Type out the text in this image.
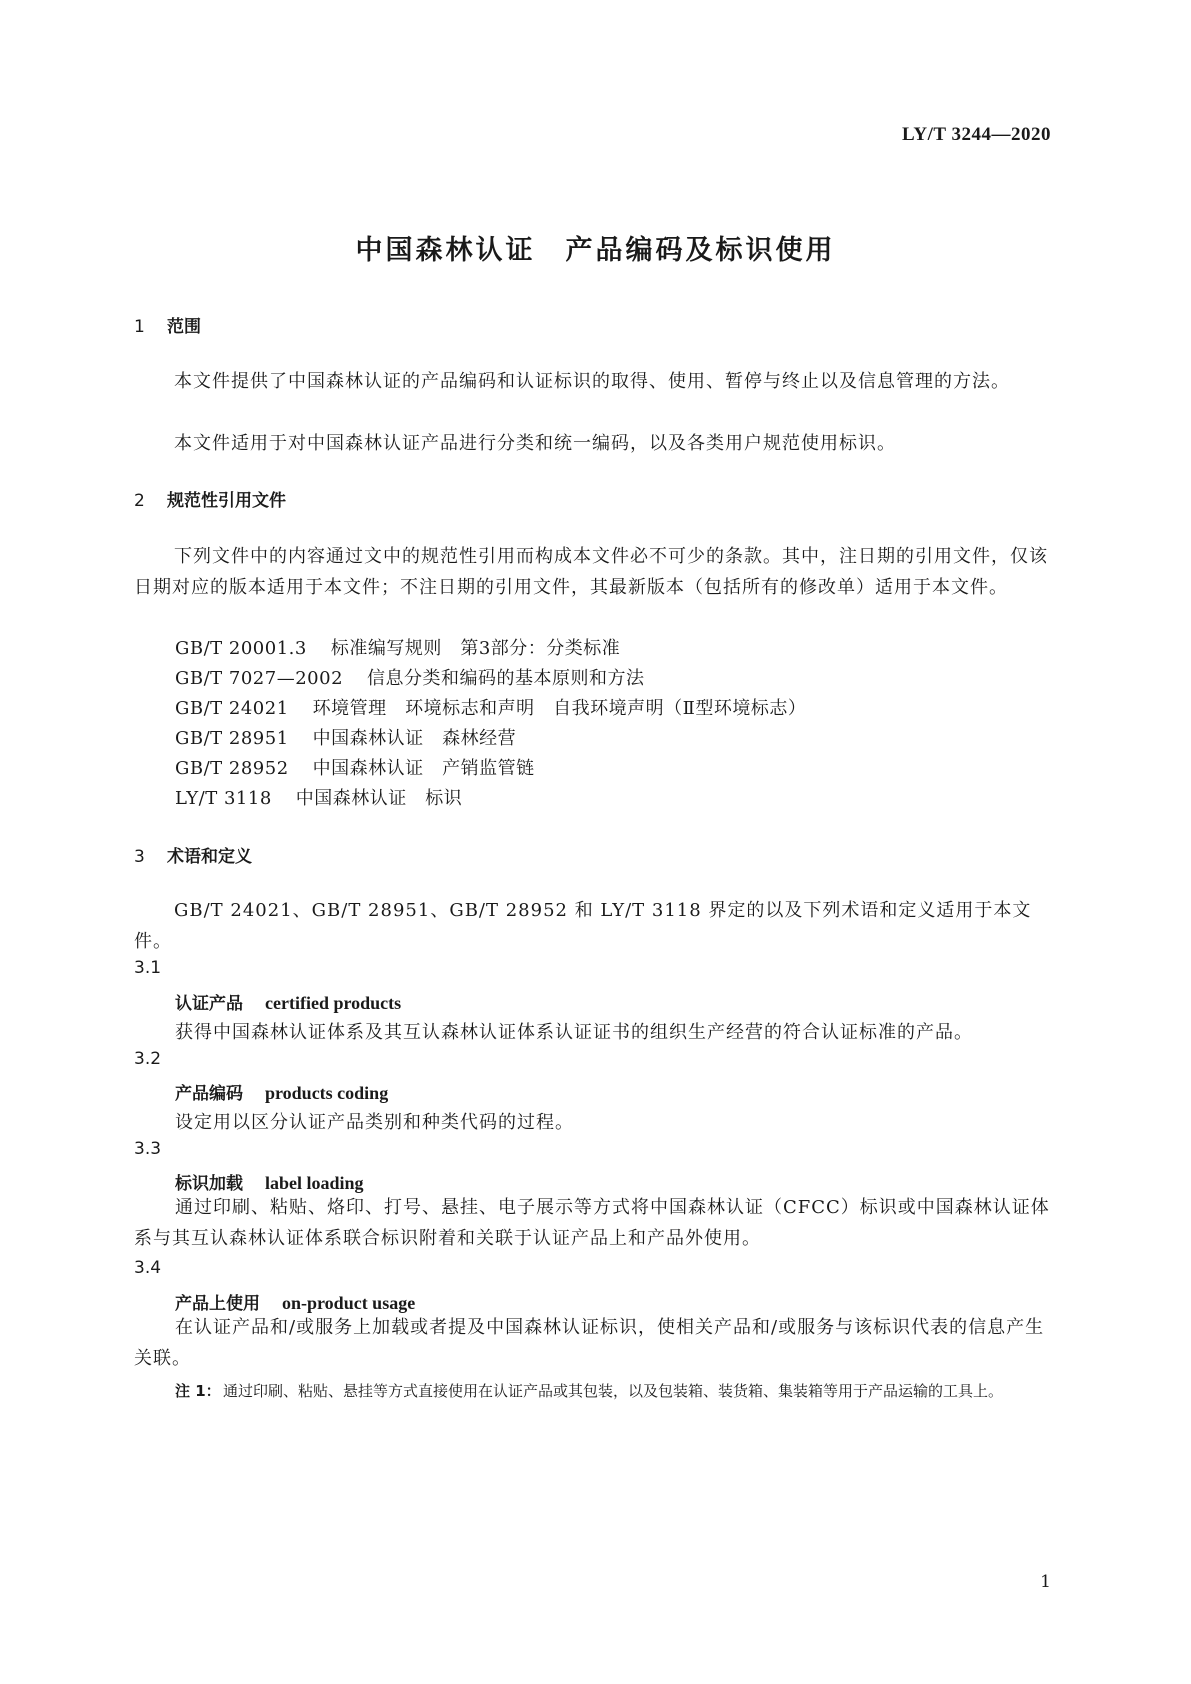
LY/T 3244—2020
中国森林认证　产品编码及标识使用
1 范围
本文件提供了中国森林认证的产品编码和认证标识的取得、使用、暂停与终止以及信息管理的方法。
本文件适用于对中国森林认证产品进行分类和统一编码，以及各类用户规范使用标识。
2 规范性引用文件
下列文件中的内容通过文中的规范性引用而构成本文件必不可少的条款。其中，注日期的引用文件，仅该日期对应的版本适用于本文件；不注日期的引用文件，其最新版本（包括所有的修改单）适用于本文件。
GB/T 20001.3 标准编写规则　第3部分：分类标准
GB/T 7027—2002 信息分类和编码的基本原则和方法
GB/T 24021 环境管理　环境标志和声明　自我环境声明（Ⅱ型环境标志）
GB/T 28951 中国森林认证　森林经营
GB/T 28952 中国森林认证　产销监管链
LY/T 3118 中国森林认证　标识
3 术语和定义
GB/T 24021、GB/T 28951、GB/T 28952 和 LY/T 3118 界定的以及下列术语和定义适用于本文件。
3.1
认证产品 certified products
获得中国森林认证体系及其互认森林认证体系认证证书的组织生产经营的符合认证标准的产品。
3.2
产品编码 products coding
设定用以区分认证产品类别和种类代码的过程。
3.3
标识加载 label loading
通过印刷、粘贴、烙印、打号、悬挂、电子展示等方式将中国森林认证（CFCC）标识或中国森林认证体系与其互认森林认证体系联合标识附着和关联于认证产品上和产品外使用。
3.4
产品上使用 on-product usage
在认证产品和/或服务上加载或者提及中国森林认证标识，使相关产品和/或服务与该标识代表的信息产生关联。
注 1： 通过印刷、粘贴、悬挂等方式直接使用在认证产品或其包装，以及包装箱、装货箱、集装箱等用于产品运输的工具上。
1
